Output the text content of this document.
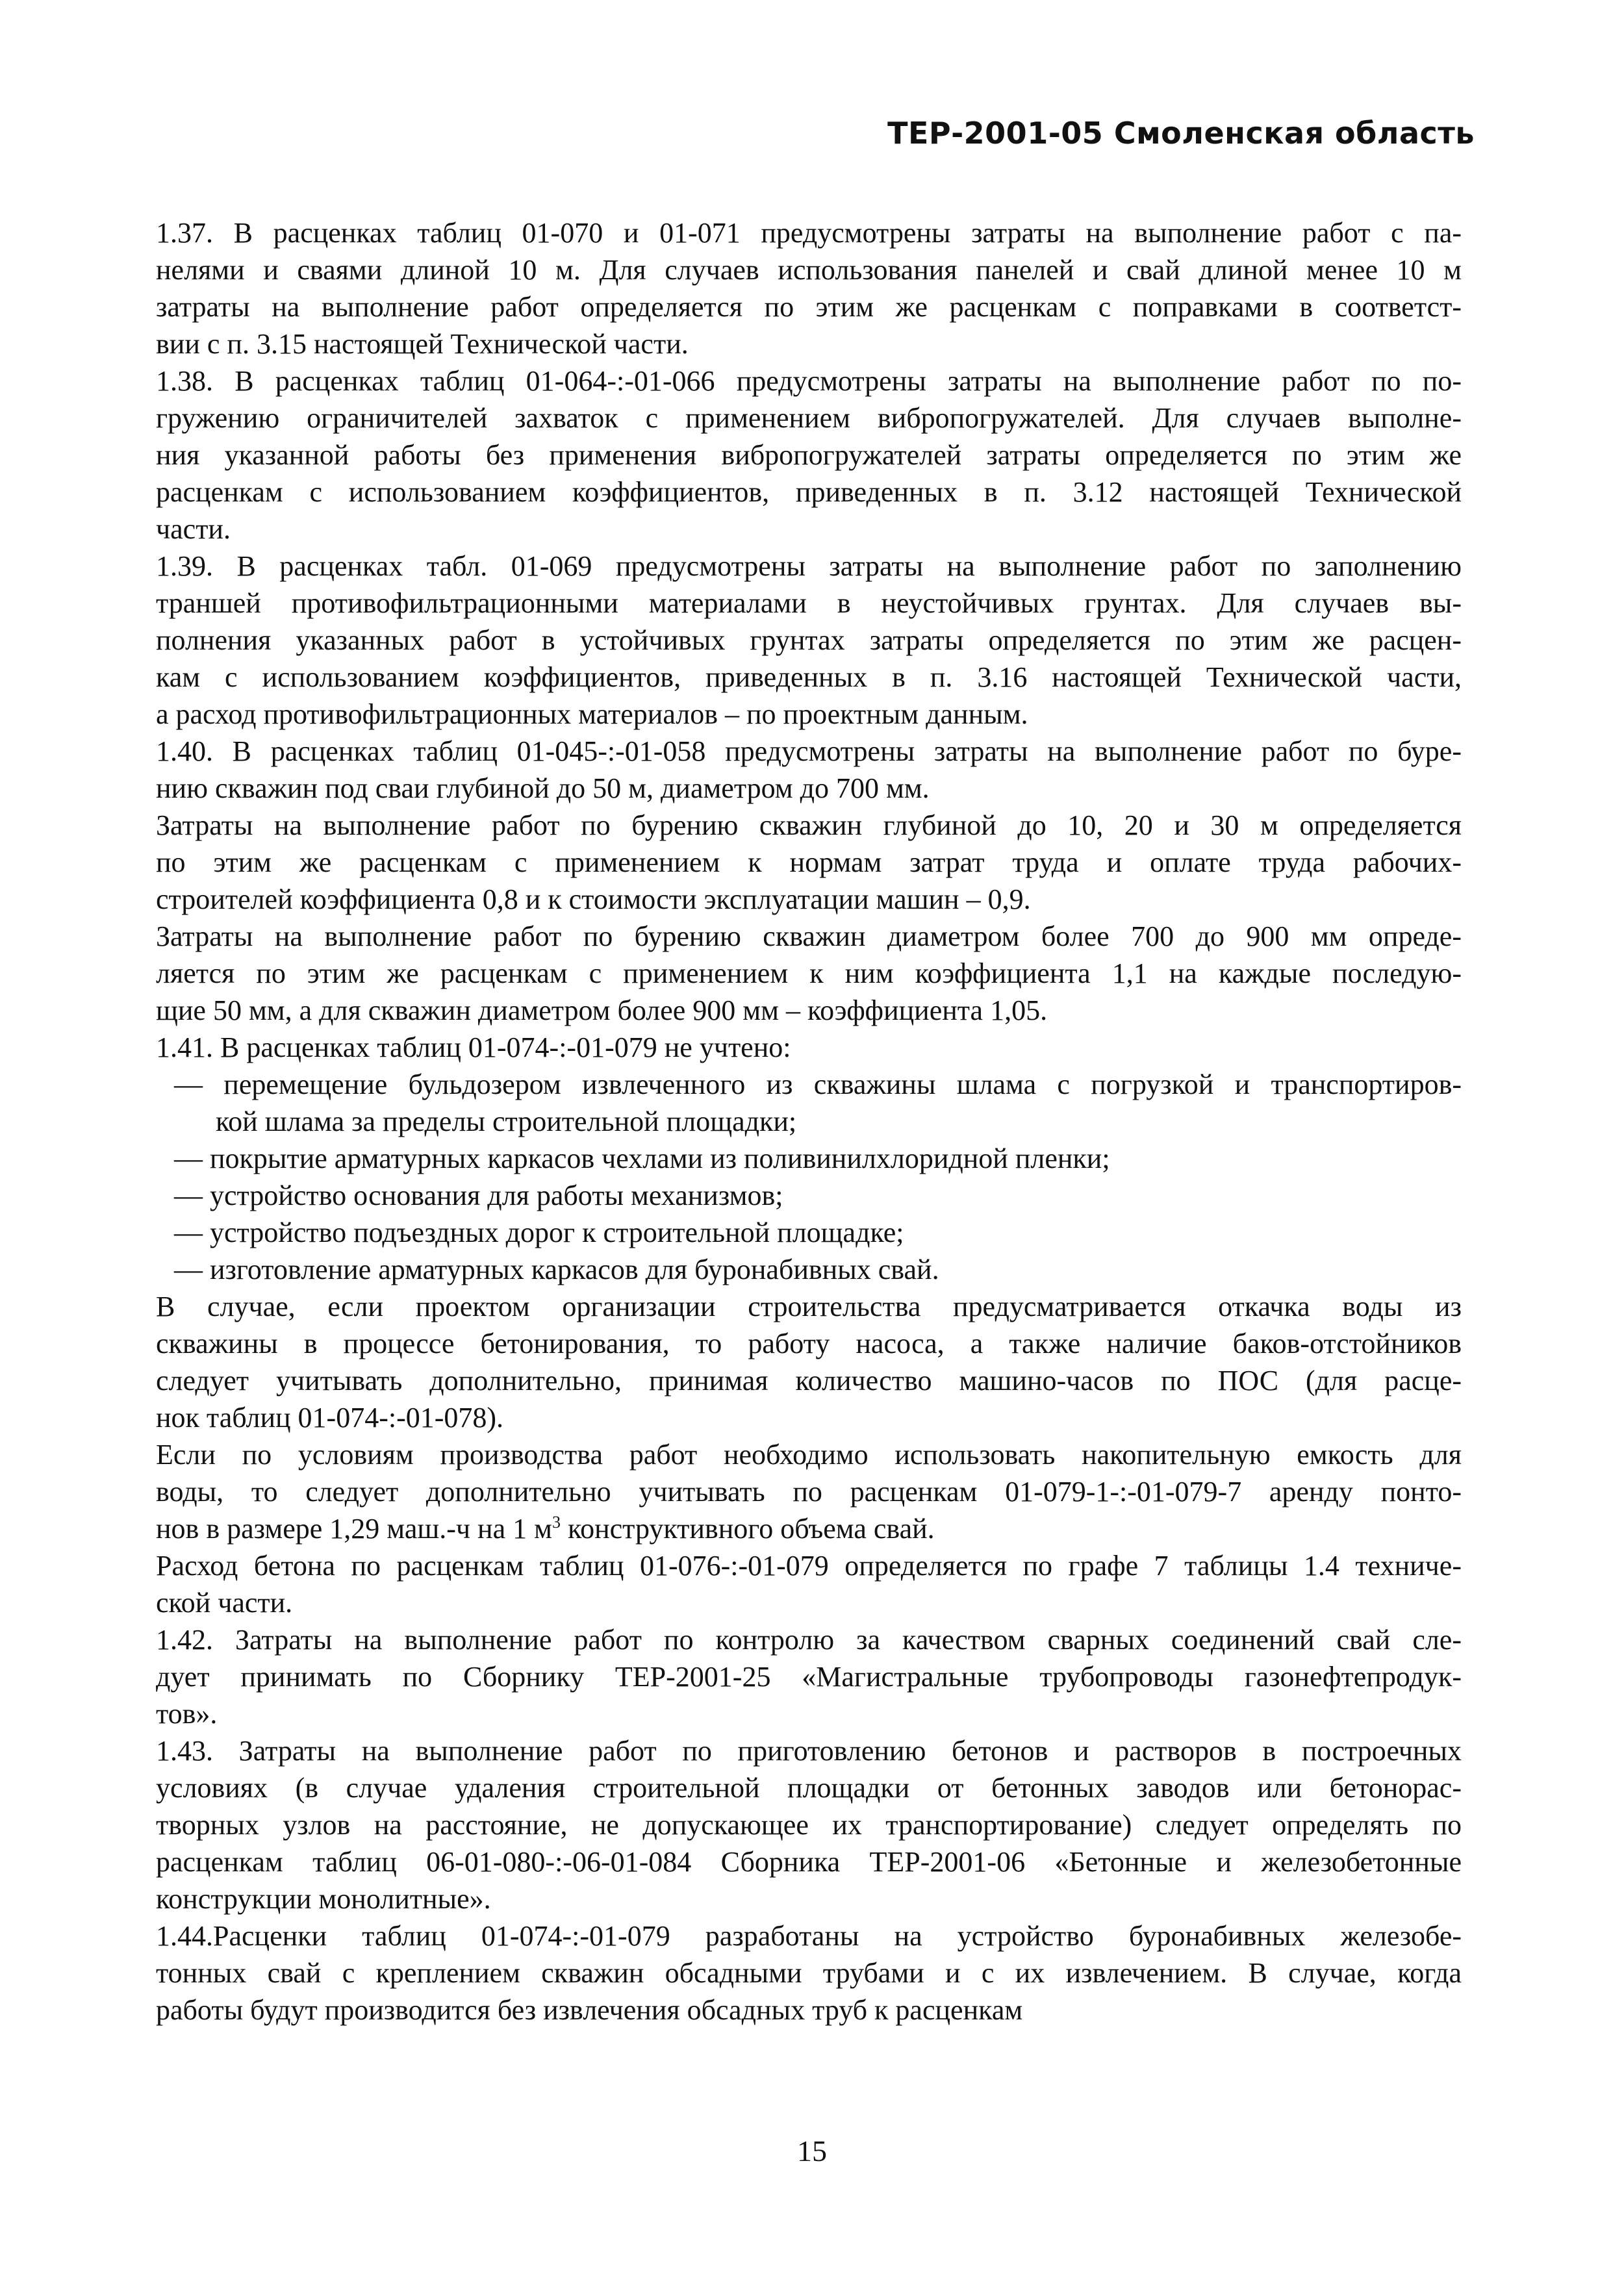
ТЕР-2001-05 Смоленская область
1.37. В расценках таблиц 01-070 и 01-071 предусмотрены затраты на выполнение работ с па-
нелями и сваями длиной 10 м. Для случаев использования панелей и свай длиной менее 10 м
затраты на выполнение работ определяется по этим же расценкам с поправками в соответст-
вии с п. 3.15 настоящей Технической части.
1.38. В расценках таблиц 01-064-:-01-066 предусмотрены затраты на выполнение работ по по-
гружению ограничителей захваток с применением вибропогружателей. Для случаев выполне-
ния указанной работы без применения вибропогружателей затраты определяется по этим же
расценкам с использованием коэффициентов, приведенных в п. 3.12 настоящей Технической
части.
1.39. В расценках табл. 01-069 предусмотрены затраты на выполнение работ по заполнению
траншей противофильтрационными материалами в неустойчивых грунтах. Для случаев вы-
полнения указанных работ в устойчивых грунтах затраты определяется по этим же расцен-
кам с использованием коэффициентов, приведенных в п. 3.16 настоящей Технической части,
а расход противофильтрационных материалов – по проектным данным.
1.40. В расценках таблиц 01-045-:-01-058 предусмотрены затраты на выполнение работ по буре-
нию скважин под сваи глубиной до 50 м, диаметром до 700 мм.
Затраты на выполнение работ по бурению скважин глубиной до 10, 20 и 30 м определяется
по этим же расценкам с применением к нормам затрат труда и оплате труда рабочих-
строителей коэффициента 0,8 и к стоимости эксплуатации машин – 0,9.
Затраты на выполнение работ по бурению скважин диаметром более 700 до 900 мм опреде-
ляется по этим же расценкам с применением к ним коэффициента 1,1 на каждые последую-
щие 50 мм, а для скважин диаметром более 900 мм – коэффициента 1,05.
1.41. В расценках таблиц 01-074-:-01-079 не учтено:
— перемещение бульдозером извлеченного из скважины шлама с погрузкой и транспортиров-
кой шлама за пределы строительной площадки;
— покрытие арматурных каркасов чехлами из поливинилхлоридной пленки;
— устройство основания для работы механизмов;
— устройство подъездных дорог к строительной площадке;
— изготовление арматурных каркасов для буронабивных свай.
В случае, если проектом организации строительства предусматривается откачка воды из
скважины в процессе бетонирования, то работу насоса, а также наличие баков-отстойников
следует учитывать дополнительно, принимая количество машино-часов по ПОС (для расце-
нок таблиц 01-074-:-01-078).
Если по условиям производства работ необходимо использовать накопительную емкость для
воды, то следует дополнительно учитывать по расценкам 01-079-1-:-01-079-7 аренду понто-
нов в размере 1,29 маш.-ч на 1 $м^3$ конструктивного объема свай.
Расход бетона по расценкам таблиц 01-076-:-01-079 определяется по графе 7 таблицы 1.4 техниче-
ской части.
1.42. Затраты на выполнение работ по контролю за качеством сварных соединений свай сле-
дует принимать по Сборнику ТЕР-2001-25 «Магистральные трубопроводы газонефтепродук-
тов».
1.43. Затраты на выполнение работ по приготовлению бетонов и растворов в построечных
условиях (в случае удаления строительной площадки от бетонных заводов или бетонорас-
творных узлов на расстояние, не допускающее их транспортирование) следует определять по
расценкам таблиц 06-01-080-:-06-01-084 Сборника ТЕР-2001-06 «Бетонные и железобетонные
конструкции монолитные».
1.44.Расценки таблиц 01-074-:-01-079 разработаны на устройство буронабивных железобе-
тонных свай с креплением скважин обсадными трубами и с их извлечением. В случае, когда
работы будут производится без извлечения обсадных труб к расценкам
15
